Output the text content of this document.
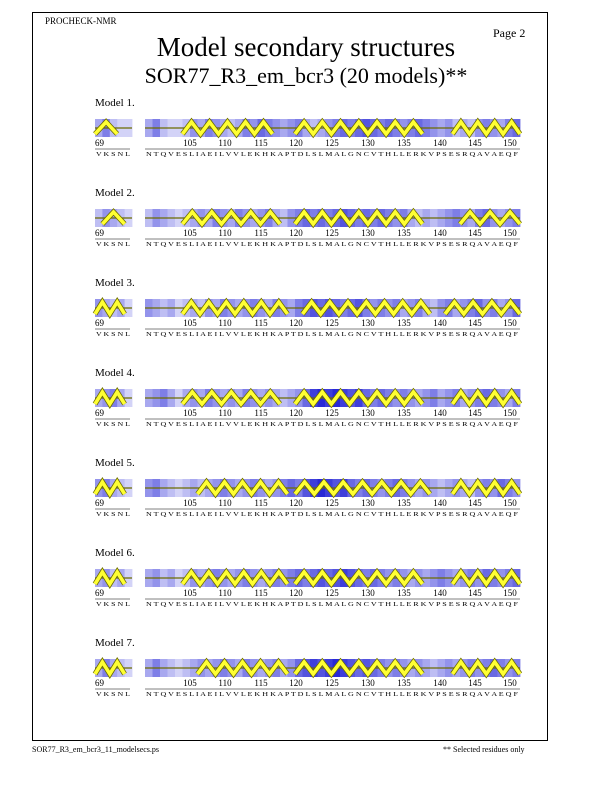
PROCHECK-NMR
Page 2
Model secondary structures
SOR77_R3_em_bcr3 (20 models)**
Model 1.
69	105 110	115 120	125	130	135	140 145 150
V K S N L	N T Q V E S L I A E I L V V L E K H K A P T D L S L M A L G N C V T H L L E R K V P S E S R Q A V A E Q F
Model 2.
69	105 110	115 120	125	130	135	140 145 150
V K S N L	N T Q V E S L I A E I L V V L E K H K A P T D L S L M A L G N C V T H L L E R K V P S E S R Q A V A E Q F
Model 3.
69	105 110	115 120	125	130	135	140 145 150
V K S N L	N T Q V E S L I A E I L V V L E K H K A P T D L S L M A L G N C V T H L L E R K V P S E S R Q A V A E Q F
Model 4.
69	105 110	115 120	125	130	135	140 145 150
V K S N L	N T Q V E S L I A E I L V V L E K H K A P T D L S L M A L G N C V T H L L E R K V P S E S R Q A V A E Q F
Model 5.
69	105 110	115 120	125	130	135	140 145 150
V K S N L	N T Q V E S L I A E I L V V L E K H K A P T D L S L M A L G N C V T H L L E R K V P S E S R Q A V A E Q F
Model 6.
69	105 110	115 120	125	130	135	140 145 150
V K S N L	N T Q V E S L I A E I L V V L E K H K A P T D L S L M A L G N C V T H L L E R K V P S E S R Q A V A E Q F
Model 7.
69	105 110	115 120	125	130	135	140 145 150
V K S N L	N T Q V E S L I A E I L V V L E K H K A P T D L S L M A L G N C V T H L L E R K V P S E S R Q A V A E Q F
SOR77_R3_em_bcr3_11_modelsecs.ps	** Selected residues only
